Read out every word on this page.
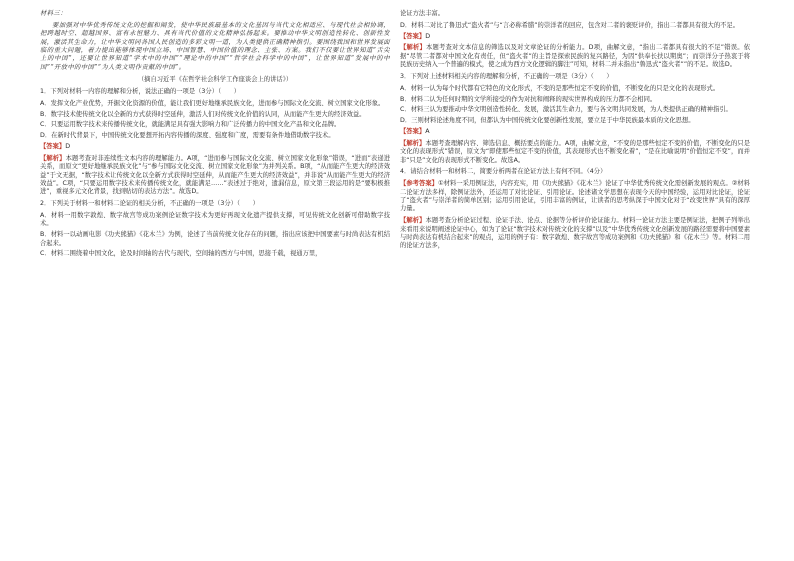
材料三：
要加强对中华优秀传统文化的挖掘和阐发，使中华民族最基本的文化基因与当代文化相适应、与现代社会相协调，把跨越时空、超越国界、富有永恒魅力、具有当代价值的文化精神弘扬起来。要推动中华文明创造性转化、创新性发展，激活其生命力，让中华文明同各国人民创造的多彩文明一道，为人类提供正确精神指引。要围绕我国和世界发展面临的重大问题，着力提出能够体现中国立场、中国智慧、中国价值的理念、主张、方案。我们不仅要让世界知道“舌尖上的中国”，还要让世界知道“学术中的中国”“理论中的中国”“哲学社会科学中的中国”，让世界知道“发展中的中国”“开放中的中国”“为人类文明作贡献的中国”。
（摘自习近平《在哲学社会科学工作座谈会上的讲话》）
1．下列对材料一内容的理解和分析，说法正确的一项是（3分）（　　）
A．发挥文化产业优势，开掘文化资源的价值，能让我们更好地继承民族文化，进而参与国际文化交流、树立国家文化形象。
B．数字技术使传统文化以全新的方式获得时空延伸，激活人们对传统文化价值的认同，从而能产生更大的经济效益。
C．只要运用数字技术来传播传统文化，就能满足具有强大影响力和广泛传播力的中国文化产品和文化品牌。
D．在新时代背景下，中国传统文化要想开拓内容传播的深度、强度和广度，需要有条件地借助数字技术。
【答案】D
【解析】本题考查对非连续性文本内容的理解能力。A项，“进而参与国际文化交流、树立国家文化形象”错误，“进而”表递进关系，而原文“更好地继承民族文化”与“参与国际文化交流、树立国家文化形象”为并列关系。B项，“从而能产生更大的经济效益”于文无据，“数字技术让传统文化以全新方式获得时空延伸，从而能产生更大的经济效益”，并非说“从而能产生更大的经济效益”。C项，“只要运用数字技术来传播传统文化，就能满足……”表述过于绝对，遗漏信息，原文第三段运用的是“要积极推进”，重视多元文化背景，找到贴切的表达方法”。故选D。
2．下列关于材料一和材料二论证的相关分析，不正确的一项是（3分）（　　）
A．材料一用数字敦煌、数字故宫等成功案例论证数字技术为更好再现文化遗产提供支撑，可见传统文化创新可借助数字技术。
B．材料一以动画电影《功夫熊猫》《花木兰》为例，论述了当前传统文化存在的问题，指出应该把中国要素与时尚表达有机结合起来。
C．材料二围绕着中国文化，论及时间轴的古代与现代，空间轴的西方与中国，思接千载，视通万里，
论证方法丰富。
D．材料二对比了鲁迅式“盗火者”与“言必称希腊”的崇洋者的回应，包含对二者的褒贬评价，指出二者都具有很大的不足。
【答案】D
【解析】本题考查对文本信息的筛选以及对文章论证的分析能力。D项，曲解文意，“指出二者都具有很大的不足”错误。依据“尽管二者都对中国文化有责任，但“盗火者”的主旨是探索民族的复兴路径，为因“供奉长扶以期奥”；而崇洋分子热衷于将民族历史纳入一个普遍的模式，使之成为西方文化逻辑的脚注”可知，材料二并未指出“鲁迅式“盗火者””的不足。故选D。
3．下列对上述材料相关内容的理解和分析，不正确的一项是（3分）（　　）
A．材料一认为每个时代都有它特色的文化形式，不变的是那些恒定不变的价值，不断变化的只是文化的表现形式。
B．材料二认为任何时期的文学所接受的作为对抗和阐释的现实世界构成的压力都不会相同。
C．材料三认为要推动中华文明创造性转化、发展，激活其生命力，要与各文明共同发展，为人类提供正确的精神指引。
D．三则材料论述角度不同，但都认为中国传统文化要创新性发展，要立足于中华民族最本质的文化思想。
【答案】A
【解析】本题考查理解内容、筛选信息、概括要点的能力。A项，曲解文意，“不变的是那些恒定不变的价值，不断变化的只是文化的表现形式”错误，原文为“即使那些恒定不变的价值，其表现形式也不断变化着”，“是在比喻说明“价值恒定不变”，而并非“只是”文化的表现形式不断变化。故选A。
4．请结合材料一和材料二，简要分析两者在论证方法上有何不同。（4分）
【参考答案】①材料一采用例证法，内容充实，用《功夫熊猫》《花木兰》论证了中华优秀传统文化需创新发展的观点。②材料二论证方法多样，除例证法外，还运用了对比论证、引用论证。论述诸文学思想在表现今天的中国经验，运用对比论证，论证了“盗火者”与崇洋者的简单区别；运用引用论证，引用丰富的例证，让读者的思考纵深于中国文化对于“改变世界”具有的深厚力量。
【解析】本题考查分析论证过程、论证手法、论点、论据等分析评价论证能力。材料一论证方法主要是例证法，把例子列举出来看用来说明阐述论证中心，如为了论证“数字技术对传统文化的支撑”以及“中华优秀传统文化创新发展的路径需要将中国要素与时尚表达有机结合起来”的观点，运用的例子有：数字敦煌、数字故宫等成功案例和《功夫熊猫》和《花木兰》等。材料二用的论证方法多，
